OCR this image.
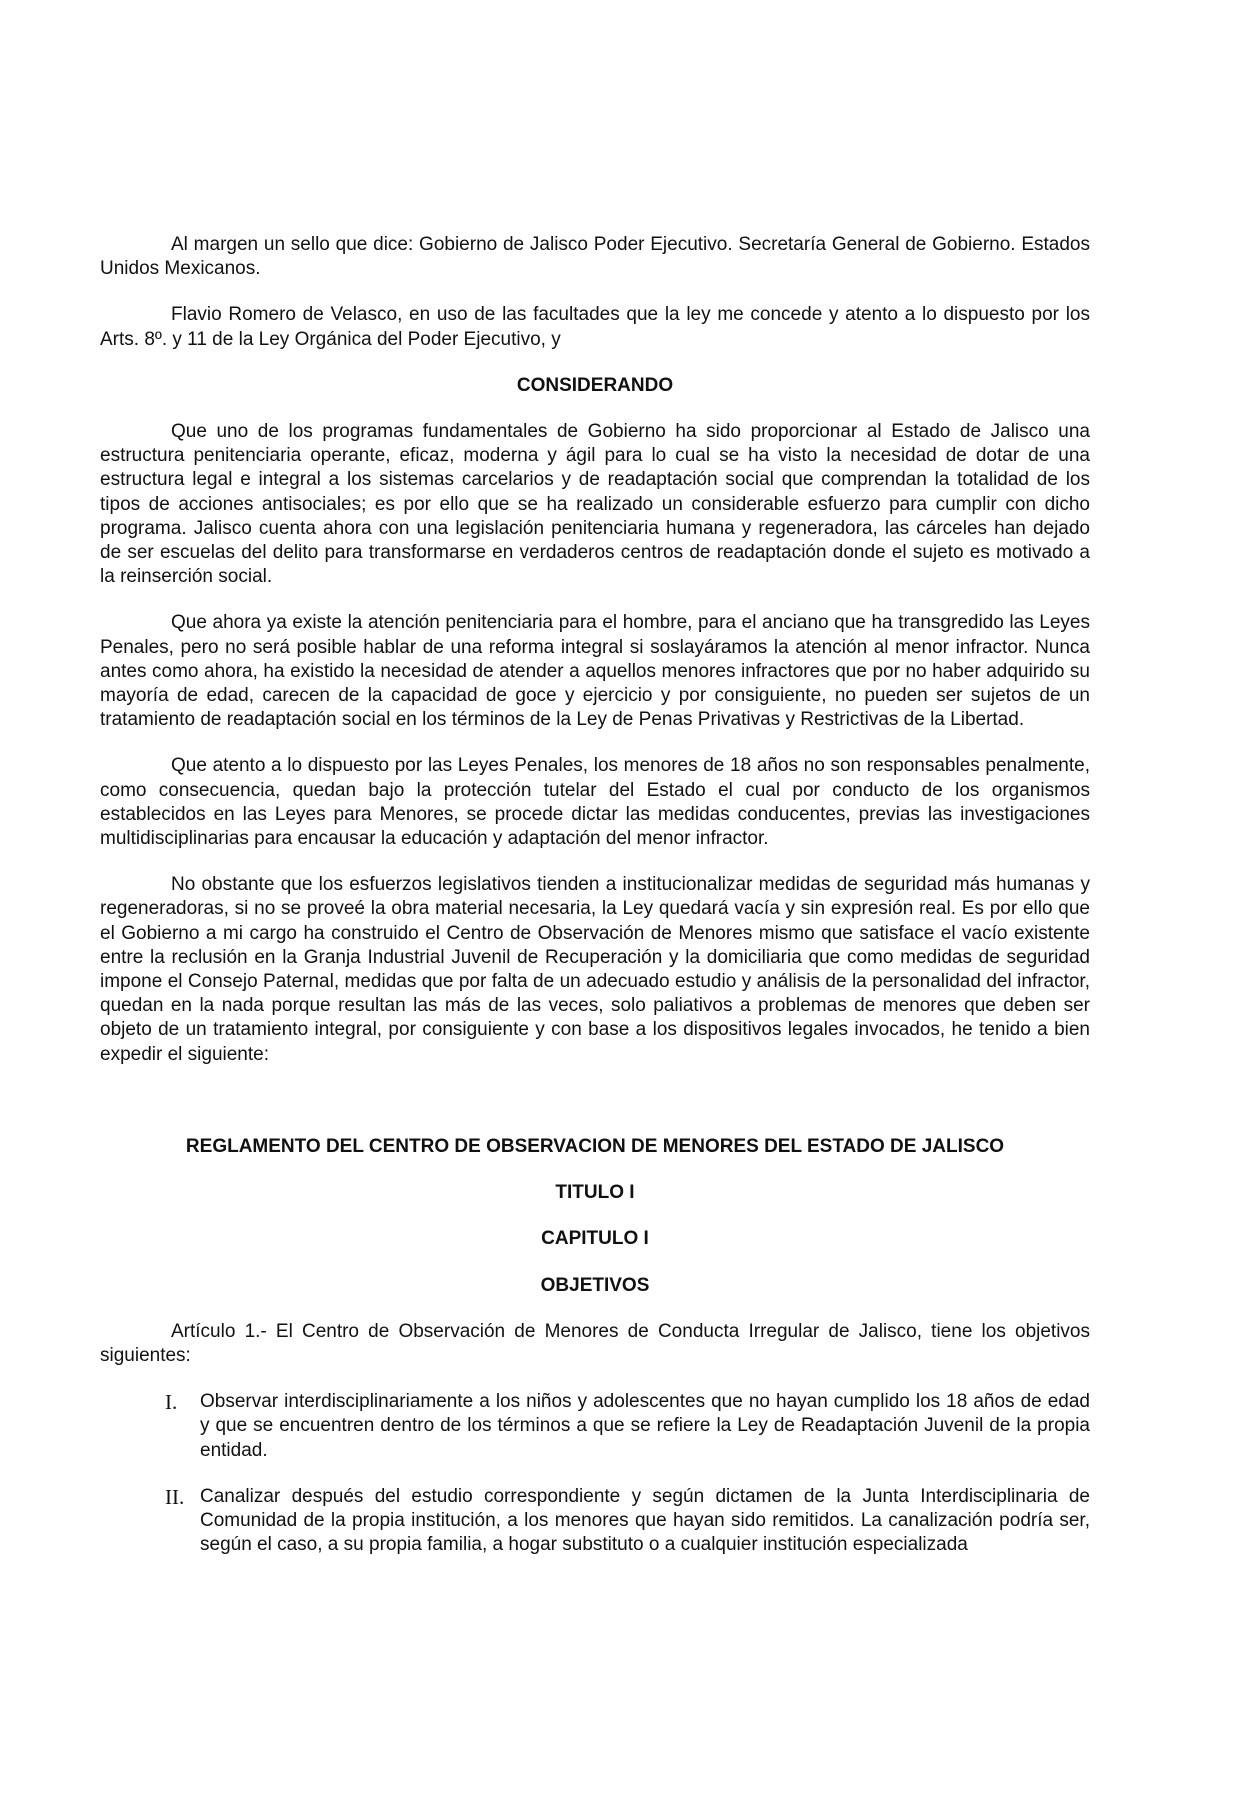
Al margen un sello que dice: Gobierno de Jalisco Poder Ejecutivo. Secretaría General de Gobierno. Estados Unidos Mexicanos.

Flavio Romero de Velasco, en uso de las facultades que la ley me concede y atento a lo dispuesto por los Arts. 8º. y 11 de la Ley Orgánica del Poder Ejecutivo, y

CONSIDERANDO

Que uno de los programas fundamentales de Gobierno ha sido proporcionar al Estado de Jalisco una estructura penitenciaria operante, eficaz, moderna y ágil para lo cual se ha visto la necesidad de dotar de una estructura legal e integral a los sistemas carcelarios y de readaptación social que comprendan la totalidad de los tipos de acciones antisociales; es por ello que se ha realizado un considerable esfuerzo para cumplir con dicho programa. Jalisco cuenta ahora con una legislación penitenciaria humana y regeneradora, las cárceles han dejado de ser escuelas del delito para transformarse en verdaderos centros de readaptación donde el sujeto es motivado a la reinserción social.

Que ahora ya existe la atención penitenciaria para el hombre, para el anciano que ha transgredido las Leyes Penales, pero no será posible hablar de una reforma integral si soslayáramos la atención al menor infractor. Nunca antes como ahora, ha existido la necesidad de atender a aquellos menores infractores que por no haber adquirido su mayoría de edad, carecen de la capacidad de goce y ejercicio y por consiguiente, no pueden ser sujetos de un tratamiento de readaptación social en los términos de la Ley de Penas Privativas y Restrictivas de la Libertad.

Que atento a lo dispuesto por las Leyes Penales, los menores de 18 años no son responsables penalmente, como consecuencia, quedan bajo la protección tutelar del Estado el cual por conducto de los organismos establecidos en las Leyes para Menores, se procede dictar las medidas conducentes, previas las investigaciones multidisciplinarias para encausar la educación y adaptación del menor infractor.

No obstante que los esfuerzos legislativos tienden a institucionalizar medidas de seguridad más humanas y regeneradoras, si no se proveé la obra material necesaria, la Ley quedará vacía y sin expresión real. Es por ello que el Gobierno a mi cargo ha construido el Centro de Observación de Menores mismo que satisface el vacío existente entre la reclusión en la Granja Industrial Juvenil de Recuperación y la domiciliaria que como medidas de seguridad impone el Consejo Paternal, medidas que por falta de un adecuado estudio y análisis de la personalidad del infractor, quedan en la nada porque resultan las más de las veces, solo paliativos a problemas de menores que deben ser objeto de un tratamiento integral, por consiguiente y con base a los dispositivos legales invocados, he tenido a bien expedir el siguiente:

REGLAMENTO DEL CENTRO DE OBSERVACION DE MENORES DEL ESTADO DE JALISCO

TITULO I

CAPITULO I

OBJETIVOS

Artículo 1.- El Centro de Observación de Menores de Conducta Irregular de Jalisco, tiene los objetivos siguientes:

I.	Observar interdisciplinariamente a los niños y adolescentes que no hayan cumplido los 18 años de edad y que se encuentren dentro de los términos a que se refiere la Ley de Readaptación Juvenil de la propia entidad.
II. Canalizar después del estudio correspondiente y según dictamen de la Junta Interdisciplinaria de Comunidad de la propia institución, a los menores que hayan sido remitidos. La canalización podría ser, según el caso, a su propia familia, a hogar substituto o a cualquier institución especializada
